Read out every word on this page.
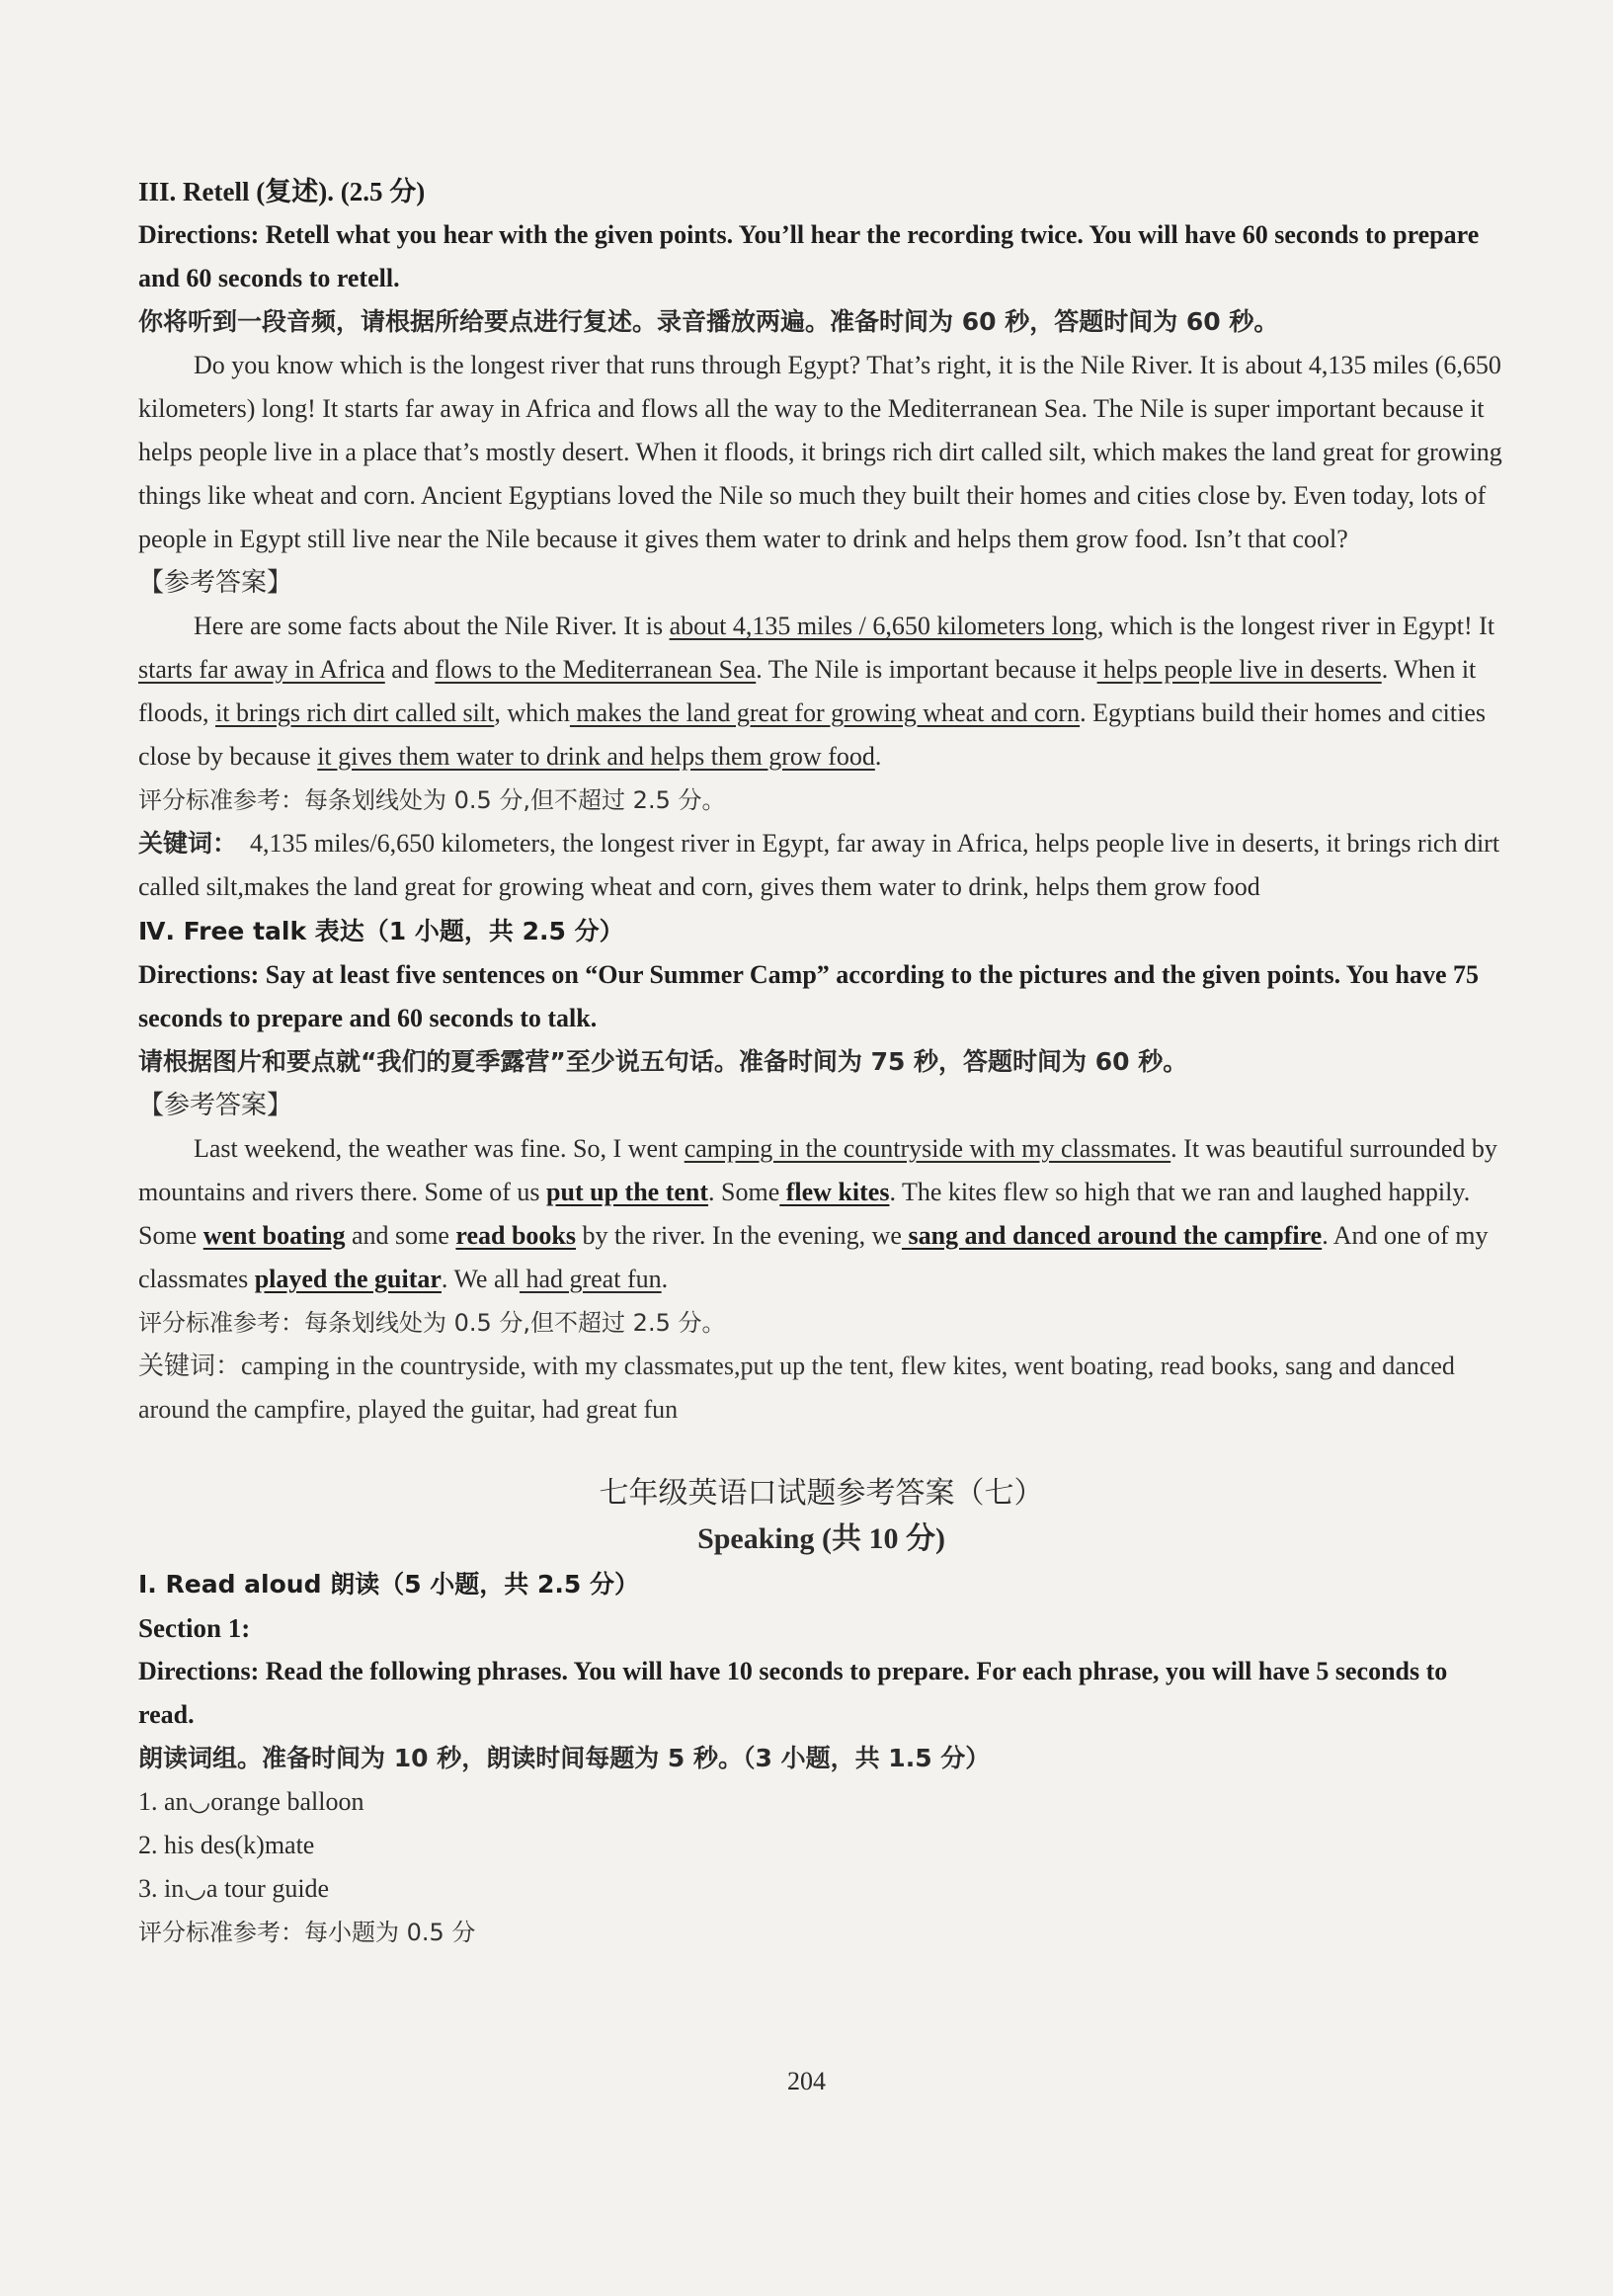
III. Retell (复述). (2.5 分)

Directions: Retell what you hear with the given points. You’ll hear the recording twice. You will have 60 seconds to prepare and 60 seconds to retell.

你将听到一段音频，请根据所给要点进行复述。录音播放两遍。准备时间为 60 秒，答题时间为 60 秒。

Do you know which is the longest river that runs through Egypt? That’s right, it is the Nile River. It is about 4,135 miles (6,650 kilometers) long! It starts far away in Africa and flows all the way to the Mediterranean Sea. The Nile is super important because it helps people live in a place that’s mostly desert. When it floods, it brings rich dirt called silt, which makes the land great for growing things like wheat and corn. Ancient Egyptians loved the Nile so much they built their homes and cities close by. Even today, lots of people in Egypt still live near the Nile because it gives them water to drink and helps them grow food. Isn’t that cool?

【参考答案】

Here are some facts about the Nile River. It is about 4,135 miles / 6,650 kilometers long, which is the longest river in Egypt! It starts far away in Africa and flows to the Mediterranean Sea. The Nile is important because it helps people live in deserts. When it floods, it brings rich dirt called silt, which makes the land great for growing wheat and corn. Egyptians build their homes and cities close by because it gives them water to drink and helps them grow food.

评分标准参考：每条划线处为 0.5 分,但不超过 2.5 分。

关键词： 4,135 miles/6,650 kilometers, the longest river in Egypt, far away in Africa, helps people live in deserts, it brings rich dirt called silt,makes the land great for growing wheat and corn, gives them water to drink, helps them grow food

Ⅳ. Free talk 表达（1 小题，共 2.5 分）

Directions: Say at least five sentences on “Our Summer Camp” according to the pictures and the given points. You have 75 seconds to prepare and 60 seconds to talk.

请根据图片和要点就“我们的夏季露营”至少说五句话。准备时间为 75 秒，答题时间为 60 秒。

【参考答案】

Last weekend, the weather was fine. So, I went camping in the countryside with my classmates. It was beautiful surrounded by mountains and rivers there. Some of us put up the tent. Some flew kites. The kites flew so high that we ran and laughed happily. Some went boating and some read books by the river. In the evening, we sang and danced around the campfire. And one of my classmates played the guitar. We all had great fun.

评分标准参考：每条划线处为 0.5 分,但不超过 2.5 分。

关键词：camping in the countryside, with my classmates,put up the tent, flew kites, went boating, read books, sang and danced around the campfire, played the guitar, had great fun

七年级英语口试题参考答案（七）

Speaking (共 10 分)

Ⅰ. Read aloud 朗读（5 小题，共 2.5 分）

Section 1:

Directions: Read the following phrases. You will have 10 seconds to prepare. For each phrase, you will have 5 seconds to read.

朗读词组。准备时间为 10 秒，朗读时间每题为 5 秒。（3 小题，共 1.5 分）

1. an◡orange balloon

2. his des(k)mate

3. in◡a tour guide

评分标准参考：每小题为 0.5 分

204
